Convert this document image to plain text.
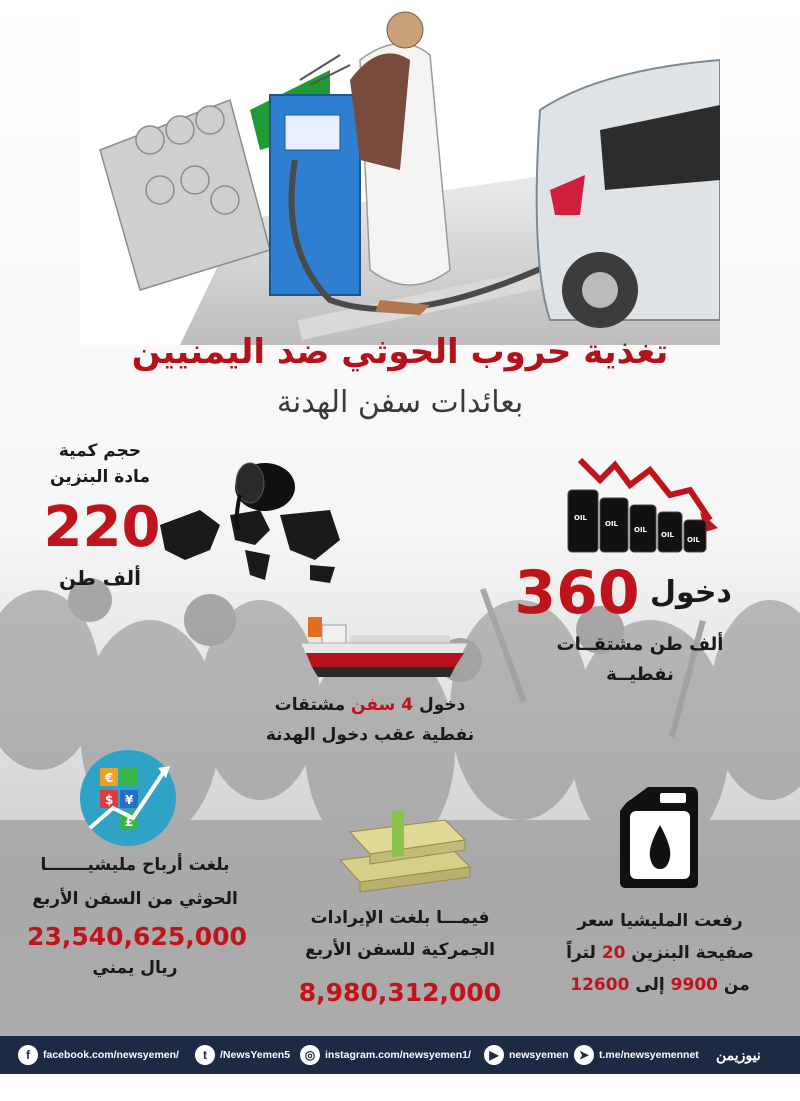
تغذية حروب الحوثي ضد اليمنيين
بعائدات سفن الهدنة
حجم كمية
مادة البنزين
220
ألف طن
OIL
OIL
OIL
OIL
OIL
دخول
360
ألف طن مشتقــات
نفطيــة
دخول 4 سفن مشتقات
نفطية عقب دخول الهدنة
€
¥
$
£
بلغت أرباح مليشيـــــــا
الحوثي من السفن الأربع
23,540,625,000
ريال يمني
فيمـــا بلغت الإيرادات
الجمركية للسفن الأربع
8,980,312,000
رفعت المليشيا سعر
صفيحة البنزين 20 لتراً
من 9900 إلى 12600
f	facebook.com/newsyemen/	t	/NewsYemen5	◎ instagram.com/newsyemen1/	▶ newsyemen ➤ t.me/newsyemennet نيوزيمن
